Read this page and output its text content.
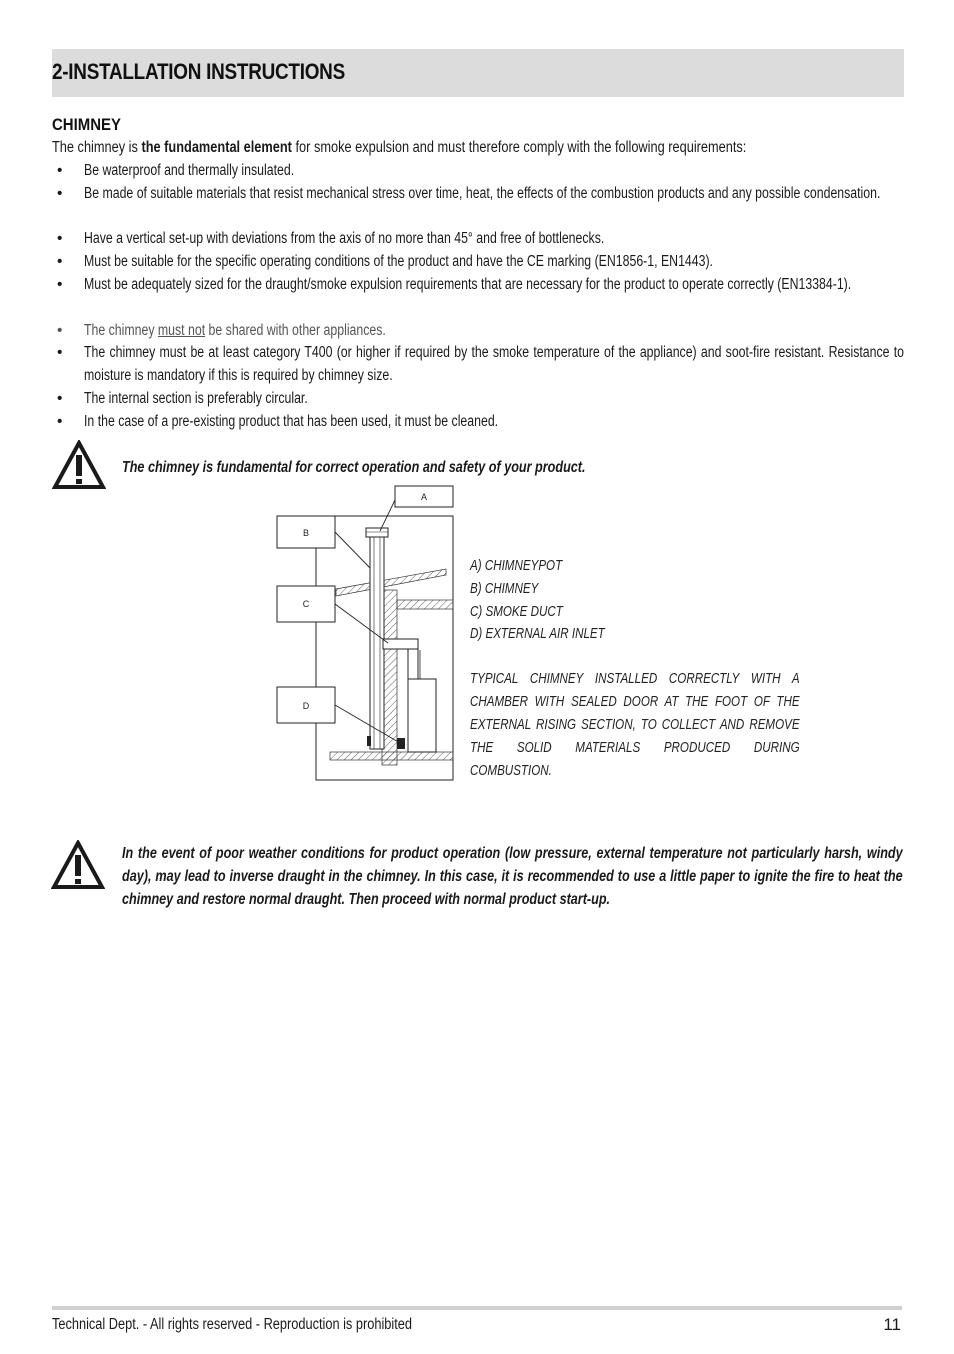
2-INSTALLATION INSTRUCTIONS
CHIMNEY
The chimney is the fundamental element for smoke expulsion and must therefore comply with the following requirements:
• Be waterproof and thermally insulated.
• Be made of suitable materials that resist mechanical stress over time, heat, the effects of the combustion products and any possible condensation.
• Have a vertical set-up with deviations from the axis of no more than 45° and free of bottlenecks.
• Must be suitable for the specific operating conditions of the product and have the CE marking (EN1856-1, EN1443).
• Must be adequately sized for the draught/smoke expulsion requirements that are necessary for the product to operate correctly (EN13384-1).
• The chimney must not be shared with other appliances.
• The chimney must be at least category T400 (or higher if required by the smoke temperature of the appliance) and soot-fire resistant. Resistance to moisture is mandatory if this is required by chimney size.
• The internal section is preferably circular.
• In the case of a pre-existing product that has been used, it must be cleaned.
The chimney is fundamental for correct operation and safety of your product.
A
B
C
D
A) CHIMNEYPOT
B) CHIMNEY
C) SMOKE DUCT
D) EXTERNAL AIR INLET
TYPICAL CHIMNEY INSTALLED CORRECTLY WITH A CHAMBER WITH SEALED DOOR AT THE FOOT OF THE EXTERNAL RISING SECTION, TO COLLECT AND REMOVE THE SOLID MATERIALS PRODUCED DURING COMBUSTION.
In the event of poor weather conditions for product operation (low pressure, external temperature not particularly harsh, windy day), may lead to inverse draught in the chimney. In this case, it is recommended to use a little paper to ignite the fire to heat the chimney and restore normal draught. Then proceed with normal product start-up.
Technical Dept. - All rights reserved - Reproduction is prohibited	11
